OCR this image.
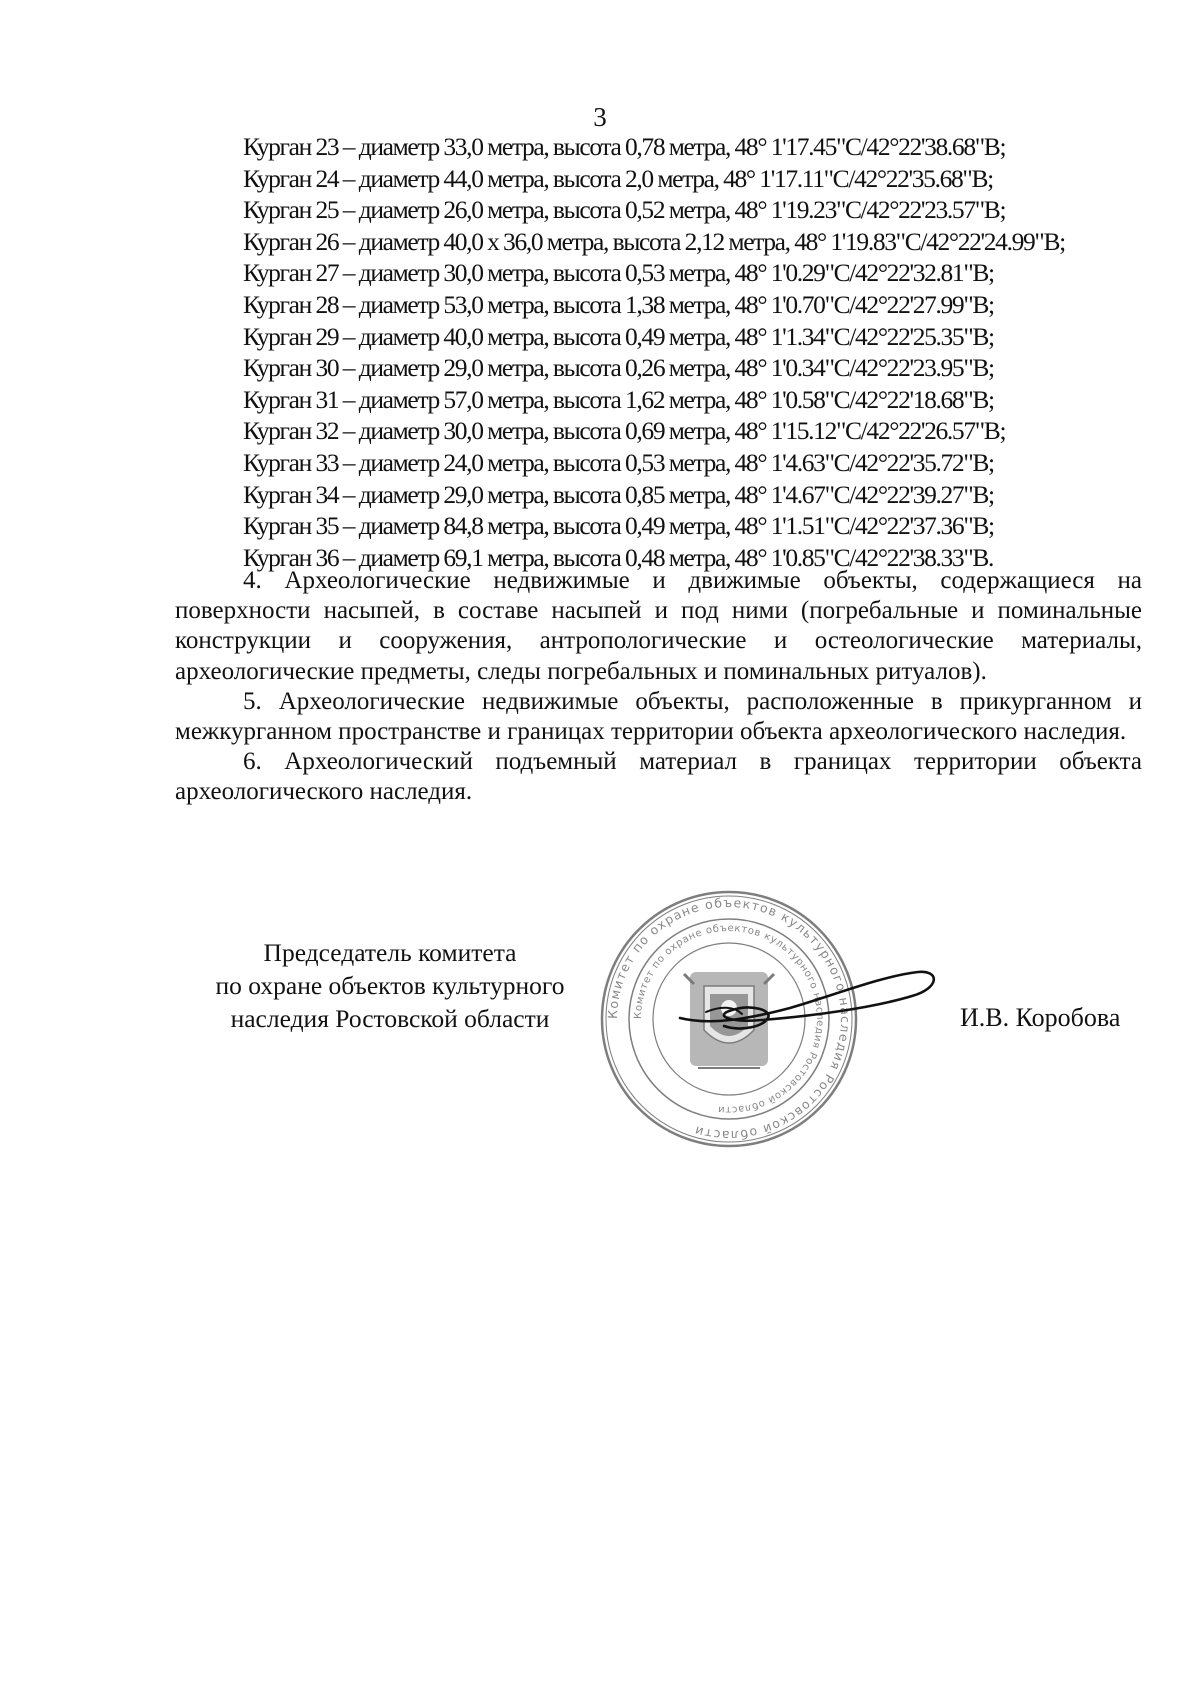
3
Курган 23 – диаметр 33,0 метра, высота 0,78 метра, 48° 1'17.45"С/42°22'38.68"В;
Курган 24 – диаметр 44,0 метра, высота 2,0 метра, 48° 1'17.11"С/42°22'35.68"В;
Курган 25 – диаметр 26,0 метра, высота 0,52 метра, 48° 1'19.23"С/42°22'23.57"В;
Курган 26 – диаметр 40,0 х 36,0 метра, высота 2,12 метра, 48° 1'19.83"С/42°22'24.99"В;
Курган 27 – диаметр 30,0 метра, высота 0,53 метра, 48° 1'0.29"С/42°22'32.81"В;
Курган 28 – диаметр 53,0 метра, высота 1,38 метра, 48° 1'0.70"С/42°22'27.99"В;
Курган 29 – диаметр 40,0 метра, высота 0,49 метра, 48° 1'1.34"С/42°22'25.35"В;
Курган 30 – диаметр 29,0 метра, высота 0,26 метра, 48° 1'0.34"С/42°22'23.95"В;
Курган 31 – диаметр 57,0 метра, высота 1,62 метра, 48° 1'0.58"С/42°22'18.68"В;
Курган 32 – диаметр 30,0 метра, высота 0,69 метра, 48° 1'15.12"С/42°22'26.57"В;
Курган 33 – диаметр 24,0 метра, высота 0,53 метра, 48° 1'4.63"С/42°22'35.72"В;
Курган 34 – диаметр 29,0 метра, высота 0,85 метра, 48° 1'4.67"С/42°22'39.27"В;
Курган 35 – диаметр 84,8 метра, высота 0,49 метра, 48° 1'1.51"С/42°22'37.36"В;
Курган 36 – диаметр 69,1 метра, высота 0,48 метра, 48° 1'0.85"С/42°22'38.33"В.

4. Археологические недвижимые и движимые объекты, содержащиеся на поверхности насыпей, в составе насыпей и под ними (погребальные и поминальные конструкции и сооружения, антропологические и остеологические материалы, археологические предметы, следы погребальных и поминальных ритуалов).

5. Археологические недвижимые объекты, расположенные в прикурганном и межкурганном пространстве и границах территории объекта археологического наследия.

6. Археологический подъемный материал в границах территории объекта археологического наследия.

Председатель комитета
по охране объектов культурного
наследия Ростовской области	Комитет по охране объектов культурного наследия Ростовской области
Комитет по охране объектов культурного наследия Ростовской области
И.В. Коробова
